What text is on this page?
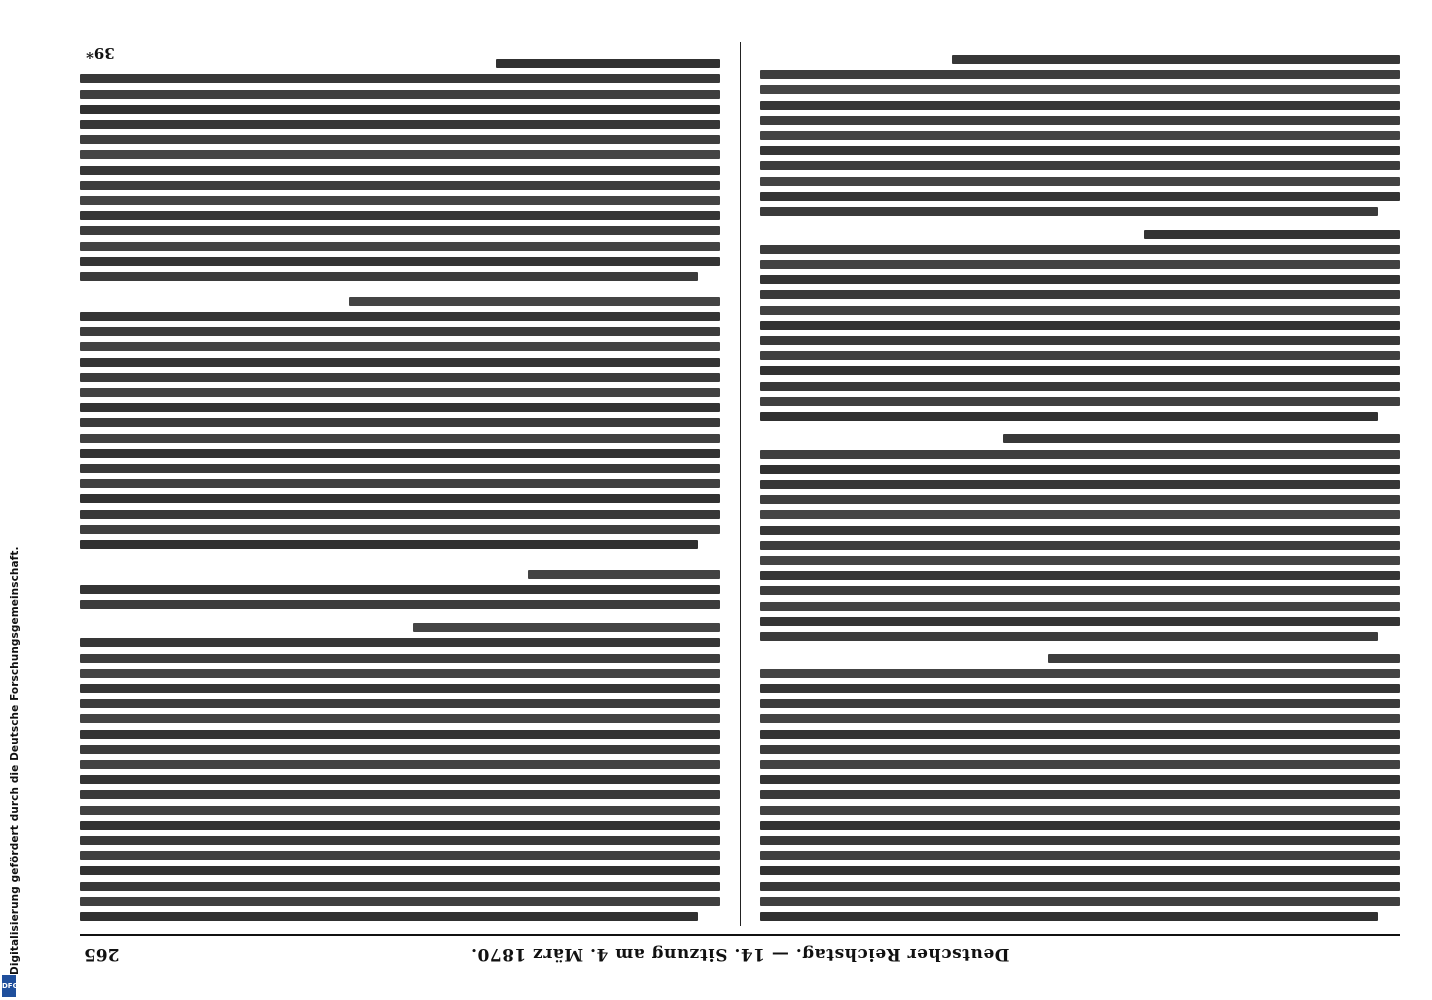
Digitalisierung gefördert durch die Deutsche Forschungsgemeinschaft.
DFG
Deutscher Reichstag. — 14. Sitzung am 4. März 1870.
265
39*
